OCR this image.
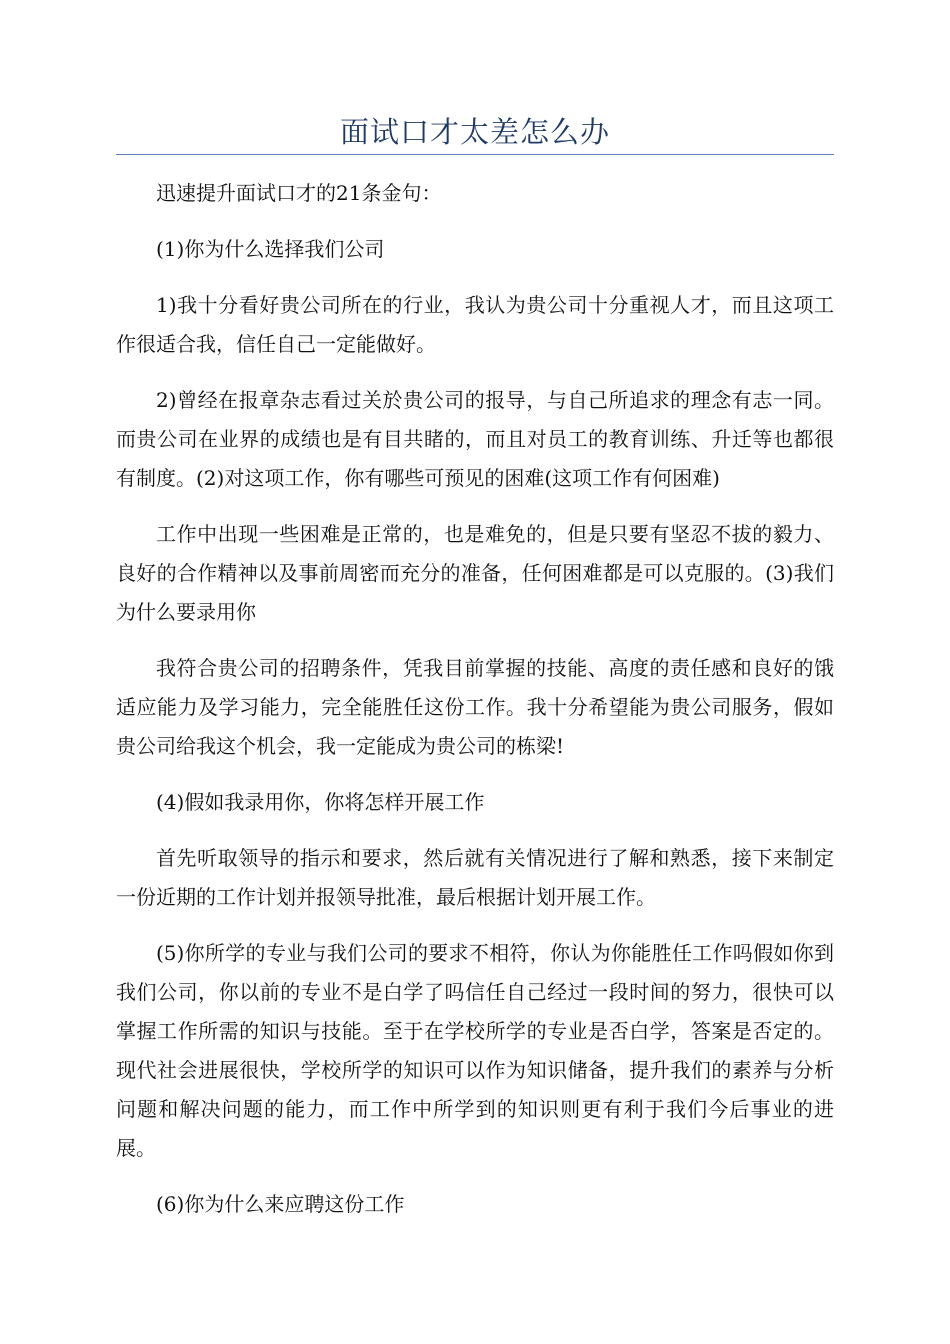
面试口才太差怎么办

迅速提升面试口才的21条金句：

(1)你为什么选择我们公司

1)我十分看好贵公司所在的行业，我认为贵公司十分重视人才，而且这项工作很适合我，信任自己一定能做好。

2)曾经在报章杂志看过关於贵公司的报导，与自己所追求的理念有志一同。而贵公司在业界的成绩也是有目共睹的，而且对员工的教育训练、升迁等也都很有制度。(2)对这项工作，你有哪些可预见的困难(这项工作有何困难)

工作中出现一些困难是正常的，也是难免的，但是只要有坚忍不拔的毅力、良好的合作精神以及事前周密而充分的准备，任何困难都是可以克服的。(3)我们为什么要录用你

我符合贵公司的招聘条件，凭我目前掌握的技能、高度的责任感和良好的饿适应能力及学习能力，完全能胜任这份工作。我十分希望能为贵公司服务，假如贵公司给我这个机会，我一定能成为贵公司的栋梁!

(4)假如我录用你，你将怎样开展工作

首先听取领导的指示和要求，然后就有关情况进行了解和熟悉，接下来制定一份近期的工作计划并报领导批准，最后根据计划开展工作。

(5)你所学的专业与我们公司的要求不相符，你认为你能胜任工作吗假如你到我们公司，你以前的专业不是白学了吗信任自己经过一段时间的努力，很快可以掌握工作所需的知识与技能。至于在学校所学的专业是否白学，答案是否定的。现代社会进展很快，学校所学的知识可以作为知识储备，提升我们的素养与分析问题和解决问题的能力，而工作中所学到的知识则更有利于我们今后事业的进展。

(6)你为什么来应聘这份工作
